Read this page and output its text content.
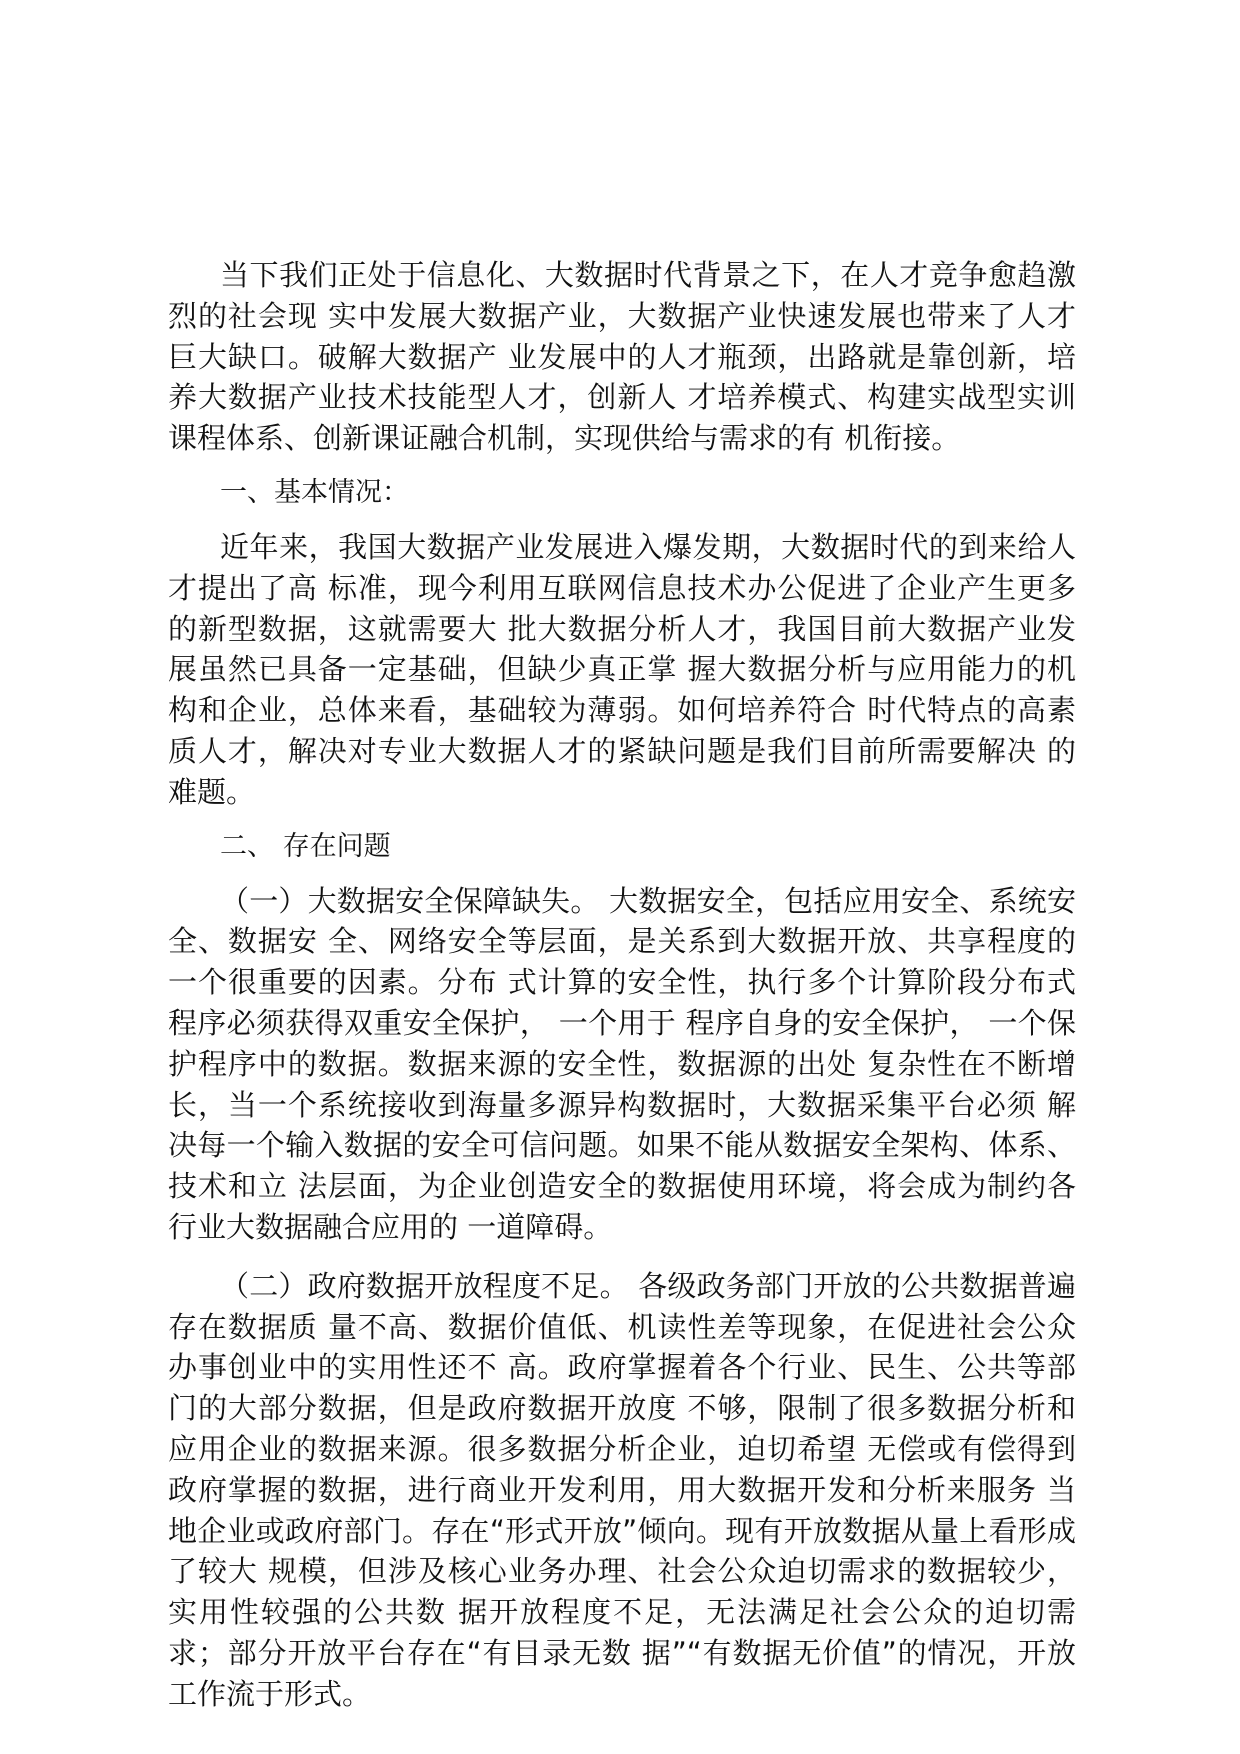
当下我们正处于信息化、大数据时代背景之下，在人才竞争愈趋激烈的社会现 实中发展大数据产业，大数据产业快速发展也带来了人才巨大缺口。破解大数据产 业发展中的人才瓶颈，出路就是靠创新，培养大数据产业技术技能型人才，创新人 才培养模式、构建实战型实训课程体系、创新课证融合机制，实现供给与需求的有 机衔接。

一、基本情况：

近年来，我国大数据产业发展进入爆发期，大数据时代的到来给人才提出了高 标准，现今利用互联网信息技术办公促进了企业产生更多的新型数据，这就需要大 批大数据分析人才，我国目前大数据产业发展虽然已具备一定基础，但缺少真正掌 握大数据分析与应用能力的机构和企业，总体来看，基础较为薄弱。如何培养符合 时代特点的高素质人才，解决对专业大数据人才的紧缺问题是我们目前所需要解决 的难题。

二、 存在问题

（一）大数据安全保障缺失。 大数据安全，包括应用安全、系统安全、数据安 全、网络安全等层面，是关系到大数据开放、共享程度的一个很重要的因素。分布 式计算的安全性，执行多个计算阶段分布式程序必须获得双重安全保护， 一个用于 程序自身的安全保护， 一个保护程序中的数据。数据来源的安全性，数据源的出处 复杂性在不断增长，当一个系统接收到海量多源异构数据时，大数据采集平台必须 解决每一个输入数据的安全可信问题。如果不能从数据安全架构、体系、技术和立 法层面，为企业创造安全的数据使用环境，将会成为制约各行业大数据融合应用的 一道障碍。

（二）政府数据开放程度不足。 各级政务部门开放的公共数据普遍存在数据质 量不高、数据价值低、机读性差等现象，在促进社会公众办事创业中的实用性还不 高。政府掌握着各个行业、民生、公共等部门的大部分数据，但是政府数据开放度 不够，限制了很多数据分析和应用企业的数据来源。很多数据分析企业，迫切希望 无偿或有偿得到政府掌握的数据，进行商业开发利用，用大数据开发和分析来服务 当地企业或政府部门。存在“形式开放”倾向。现有开放数据从量上看形成了较大 规模，但涉及核心业务办理、社会公众迫切需求的数据较少，实用性较强的公共数 据开放程度不足，无法满足社会公众的迫切需求；部分开放平台存在“有目录无数 据”“有数据无价值”的情况，开放工作流于形式。
